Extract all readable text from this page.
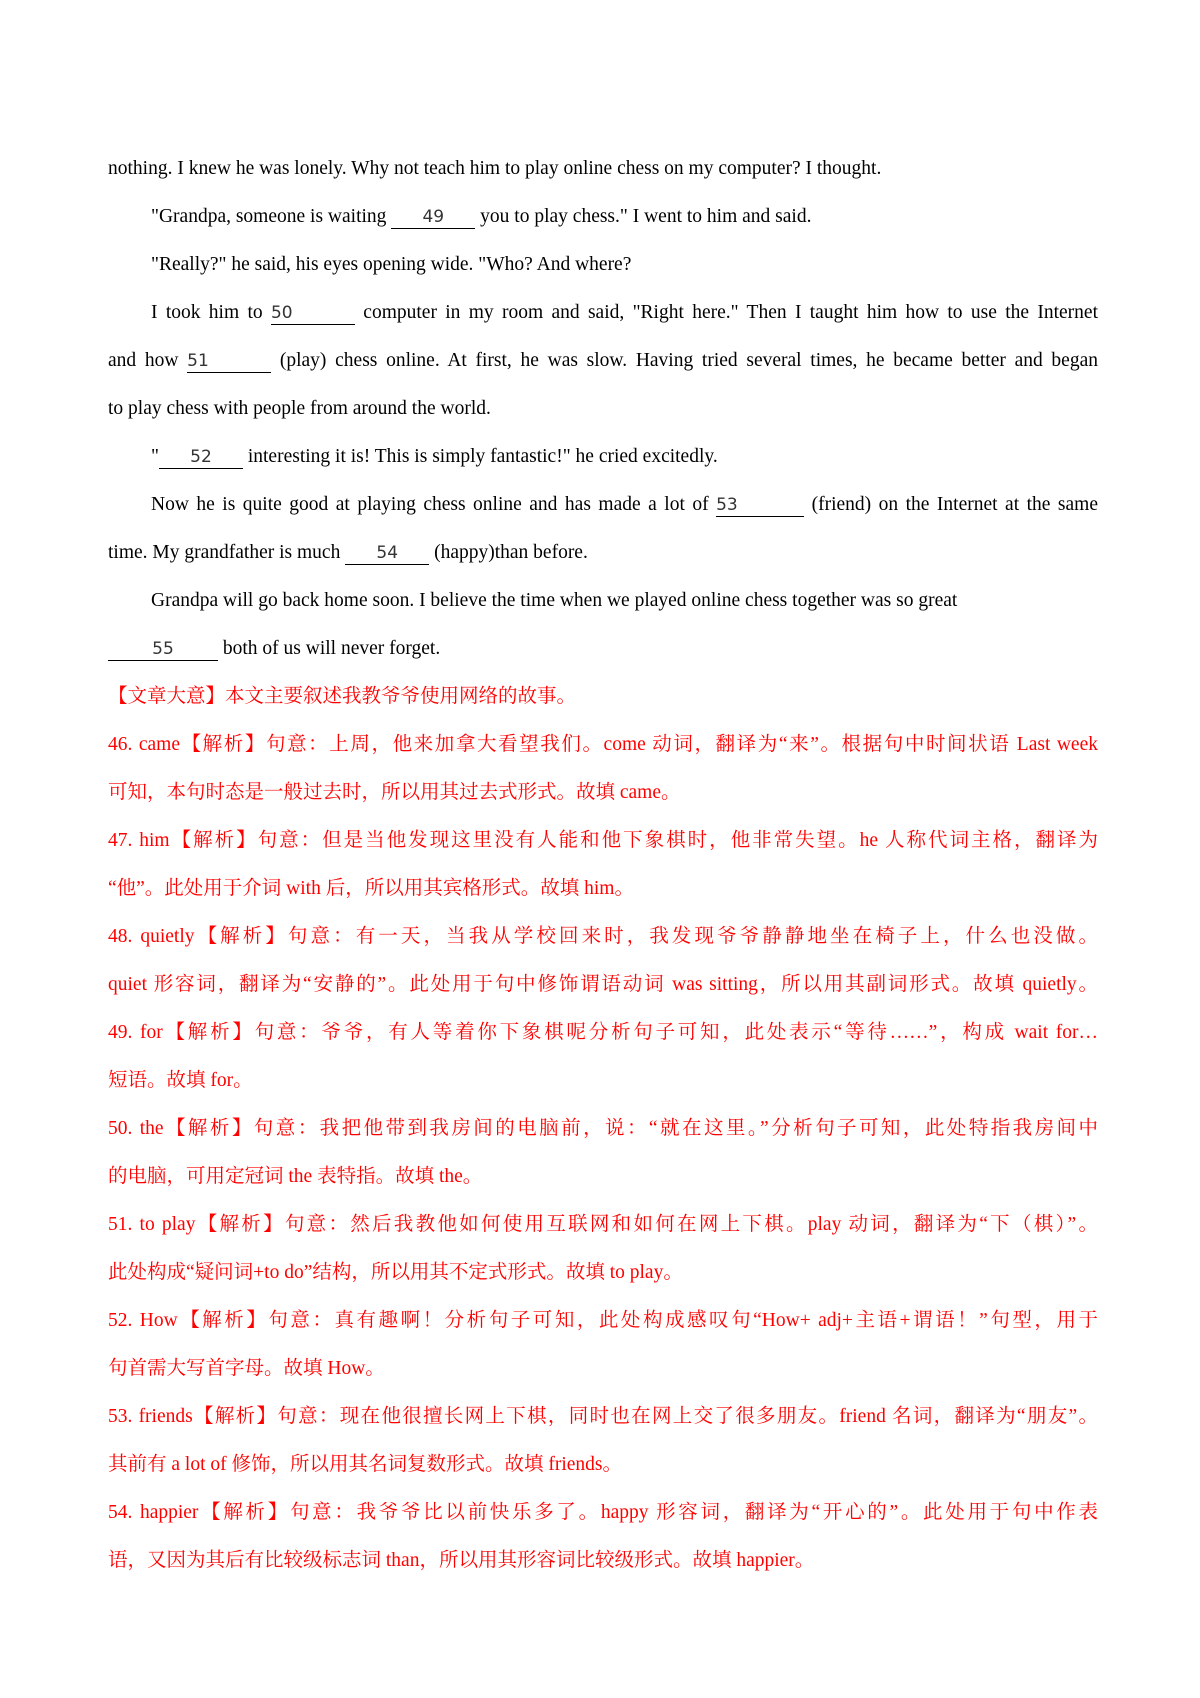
nothing. I knew he was lonely. Why not teach him to play online chess on my computer? I thought.
"Grandpa, someone is waiting 49 you to play chess." I went to him and said.
"Really?" he said, his eyes opening wide. "Who? And where?
I took him to 50	computer in my room and said, "Right here." Then I taught him how to use the Internet
and how 51	(play) chess online. At first, he was slow. Having tried several times, he became better and began
to play chess with people from around the world.
" 52 interesting it is! This is simply fantastic!" he cried excitedly.
Now he is quite good at playing chess online and has made a lot of 53	(friend) on the Internet at the same
time. My grandfather is much 54 (happy)than before.
Grandpa will go back home soon. I believe the time when we played online chess together was so great
55 both of us will never forget.
【文章大意】本文主要叙述我教爷爷使用网络的故事。
46. came【解析】句意：上周，他来加拿大看望我们。come 动词，翻译为“来”。根据句中时间状语 Last week
可知，本句时态是一般过去时，所以用其过去式形式。故填 came。
47. him【解析】句意：但是当他发现这里没有人能和他下象棋时，他非常失望。he 人称代词主格，翻译为
“他”。此处用于介词 with 后，所以用其宾格形式。故填 him。
48. quietly【解析】句意：有一天，当我从学校回来时，我发现爷爷静静地坐在椅子上，什么也没做。
quiet 形容词，翻译为“安静的”。此处用于句中修饰谓语动词 was sitting，所以用其副词形式。故填 quietly。
49. for【解析】句意：爷爷，有人等着你下象棋呢分析句子可知，此处表示“等待……”，构成 wait for…
短语。故填 for。
50. the【解析】句意：我把他带到我房间的电脑前，说：“就在这里。”分析句子可知，此处特指我房间中
的电脑，可用定冠词 the 表特指。故填 the。
51. to play【解析】句意：然后我教他如何使用互联网和如何在网上下棋。play 动词，翻译为“下（棋）”。
此处构成“疑问词+to do”结构，所以用其不定式形式。故填 to play。
52. How【解析】句意：真有趣啊！分析句子可知，此处构成感叹句“How+ adj+主语+谓语！”句型，用于
句首需大写首字母。故填 How。
53. friends【解析】句意：现在他很擅长网上下棋，同时也在网上交了很多朋友。friend 名词，翻译为“朋友”。
其前有 a lot of 修饰，所以用其名词复数形式。故填 friends。
54. happier【解析】句意：我爷爷比以前快乐多了。happy 形容词，翻译为“开心的”。此处用于句中作表
语，又因为其后有比较级标志词 than，所以用其形容词比较级形式。故填 happier。
